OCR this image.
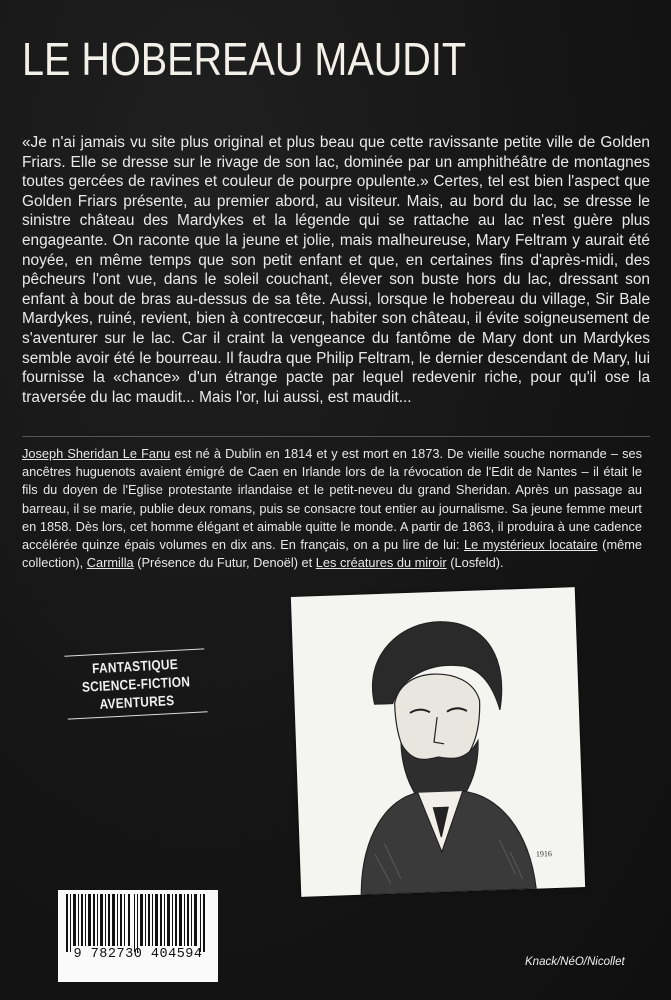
LE HOBEREAU MAUDIT

«Je n'ai jamais vu site plus original et plus beau que cette ravissante petite ville de Golden Friars. Elle se dresse sur le rivage de son lac, dominée par un amphithéâtre de montagnes toutes gercées de ravines et couleur de pourpre opulente.» Certes, tel est bien l'aspect que Golden Friars présente, au premier abord, au visiteur. Mais, au bord du lac, se dresse le sinistre château des Mardykes et la légende qui se rattache au lac n'est guère plus engageante. On raconte que la jeune et jolie, mais malheureuse, Mary Feltram y aurait été noyée, en même temps que son petit enfant et que, en certaines fins d'après-midi, des pêcheurs l'ont vue, dans le soleil couchant, élever son buste hors du lac, dressant son enfant à bout de bras au-dessus de sa tête. Aussi, lorsque le hobereau du village, Sir Bale Mardykes, ruiné, revient, bien à contrecœur, habiter son château, il évite soigneusement de s'aventurer sur le lac. Car il craint la vengeance du fantôme de Mary dont un Mardykes semble avoir été le bourreau. Il faudra que Philip Feltram, le dernier descendant de Mary, lui fournisse la «chance» d'un étrange pacte par lequel redevenir riche, pour qu'il ose la traversée du lac maudit... Mais l'or, lui aussi, est maudit...

Joseph Sheridan Le Fanu est né à Dublin en 1814 et y est mort en 1873. De vieille souche normande – ses ancêtres huguenots avaient émigré de Caen en Irlande lors de la révocation de l'Edit de Nantes – il était le fils du doyen de l'Eglise protestante irlandaise et le petit-neveu du grand Sheridan. Après un passage au barreau, il se marie, publie deux romans, puis se consacre tout entier au journalisme. Sa jeune femme meurt en 1858. Dès lors, cet homme élégant et aimable quitte le monde. A partir de 1863, il produira à une cadence accélérée quinze épais volumes en dix ans. En français, on a pu lire de lui: Le mystérieux locataire (même collection), Carmilla (Présence du Futur, Denoël) et Les créatures du miroir (Losfeld).

FANTASTIQUE
SCIENCE-FICTION
AVENTURES
1916
9 782730 404594	Knack/NéO/Nicollet
